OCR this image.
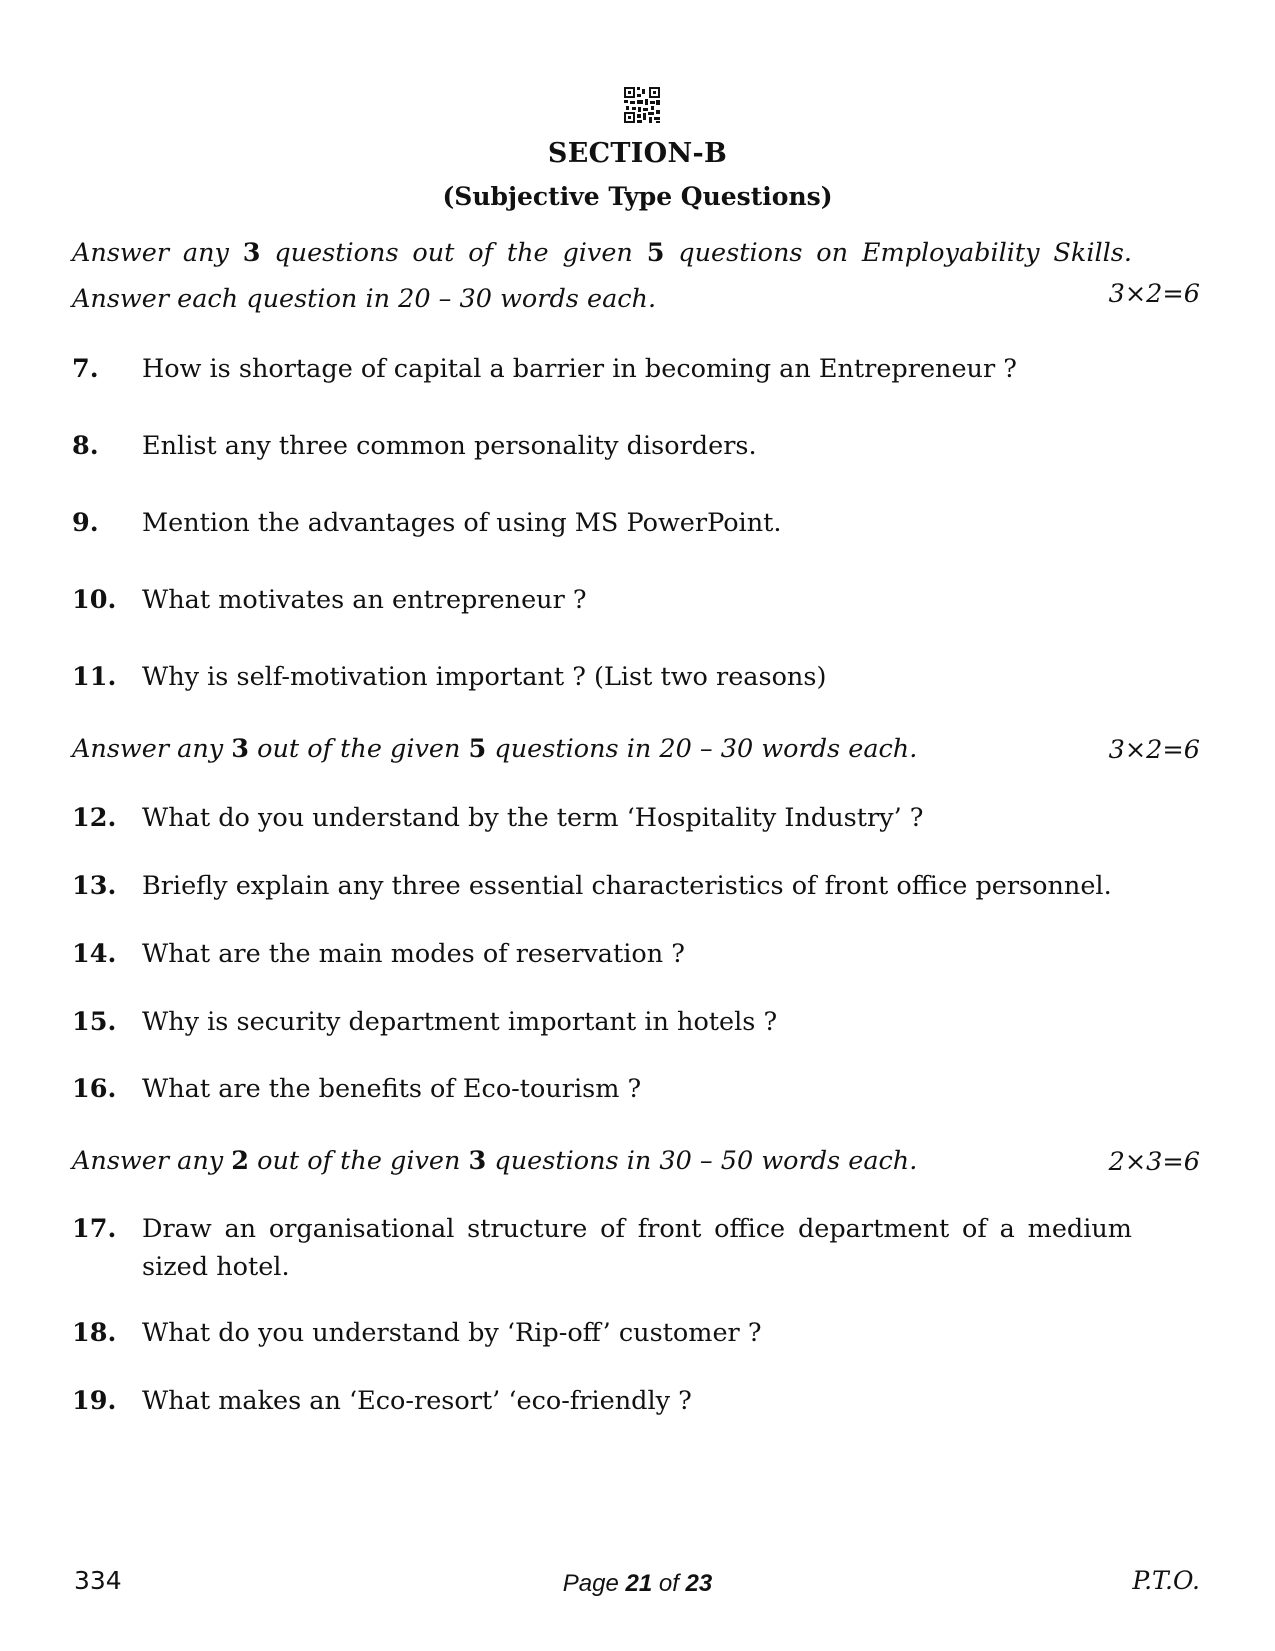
SECTION-B
(Subjective Type Questions)
Answer any 3 questions out of the given 5 questions on Employability Skills.
Answer each question in 20 – 30 words each.	3×2=6
7. How is shortage of capital a barrier in becoming an Entrepreneur ?
8. Enlist any three common personality disorders.
9. Mention the advantages of using MS PowerPoint.
10. What motivates an entrepreneur ?
11. Why is self-motivation important ? (List two reasons)
Answer any 3 out of the given 5 questions in 20 – 30 words each.	3×2=6
12. What do you understand by the term ‘Hospitality Industry’ ?
13. Briefly explain any three essential characteristics of front office personnel.
14. What are the main modes of reservation ?
15. Why is security department important in hotels ?
16. What are the benefits of Eco-tourism ?
Answer any 2 out of the given 3 questions in 30 – 50 words each.	2×3=6
17. Draw an organisational structure of front office department of a medium sized hotel.
18. What do you understand by ‘Rip-off’ customer ?
19. What makes an ‘Eco-resort’ ‘eco-friendly ?
334	Page 21 of 23	P.T.O.
